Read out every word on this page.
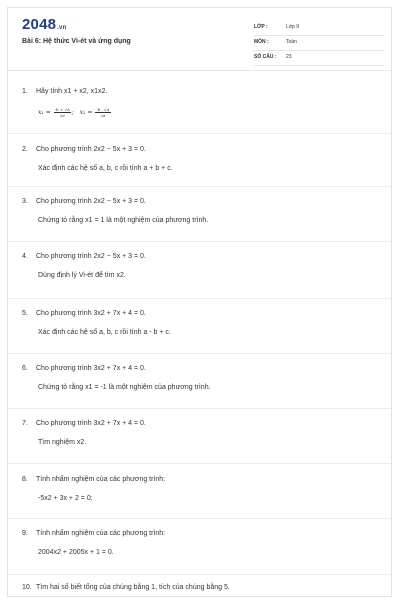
2048.vn
Bài 6: Hệ thức Vi-ét và ứng dụng
LỚP :	Lớp 9
MÔN :	Toán
SỐ CÂU : 23
1. Hãy tính x1 + x2, x1x2.
$x_1 = \frac{-b + √\Delta}{2a}$ ; $x_2 = \frac{-b - √\Delta}{2a}$
2. Cho phương trình 2x2 − 5x + 3 = 0.
Xác định các hệ số a, b, c rồi tính a + b + c.
3. Cho phương trình 2x2 − 5x + 3 = 0.
Chứng tỏ rằng x1 = 1 là một nghiệm của phương trình.
4. Cho phương trình 2x2 − 5x + 3 = 0.
Dùng định lý Vi-ét để tìm x2.
5. Cho phương trình 3x2 + 7x + 4 = 0.
Xác định các hệ số a, b, c rồi tính a - b + c.
6. Cho phương trình 3x2 + 7x + 4 = 0.
Chứng tỏ rằng x1 = -1 là một nghiệm của phương trình.
7. Cho phương trình 3x2 + 7x + 4 = 0.
Tìm nghiệm x2.
8. Tính nhẩm nghiệm của các phương trình:
-5x2 + 3x + 2 = 0;
9. Tính nhẩm nghiệm của các phương trình:
2004x2 + 2005x + 1 = 0.
10. Tìm hai số biết tổng của chúng bằng 1, tích của chúng bằng 5.
